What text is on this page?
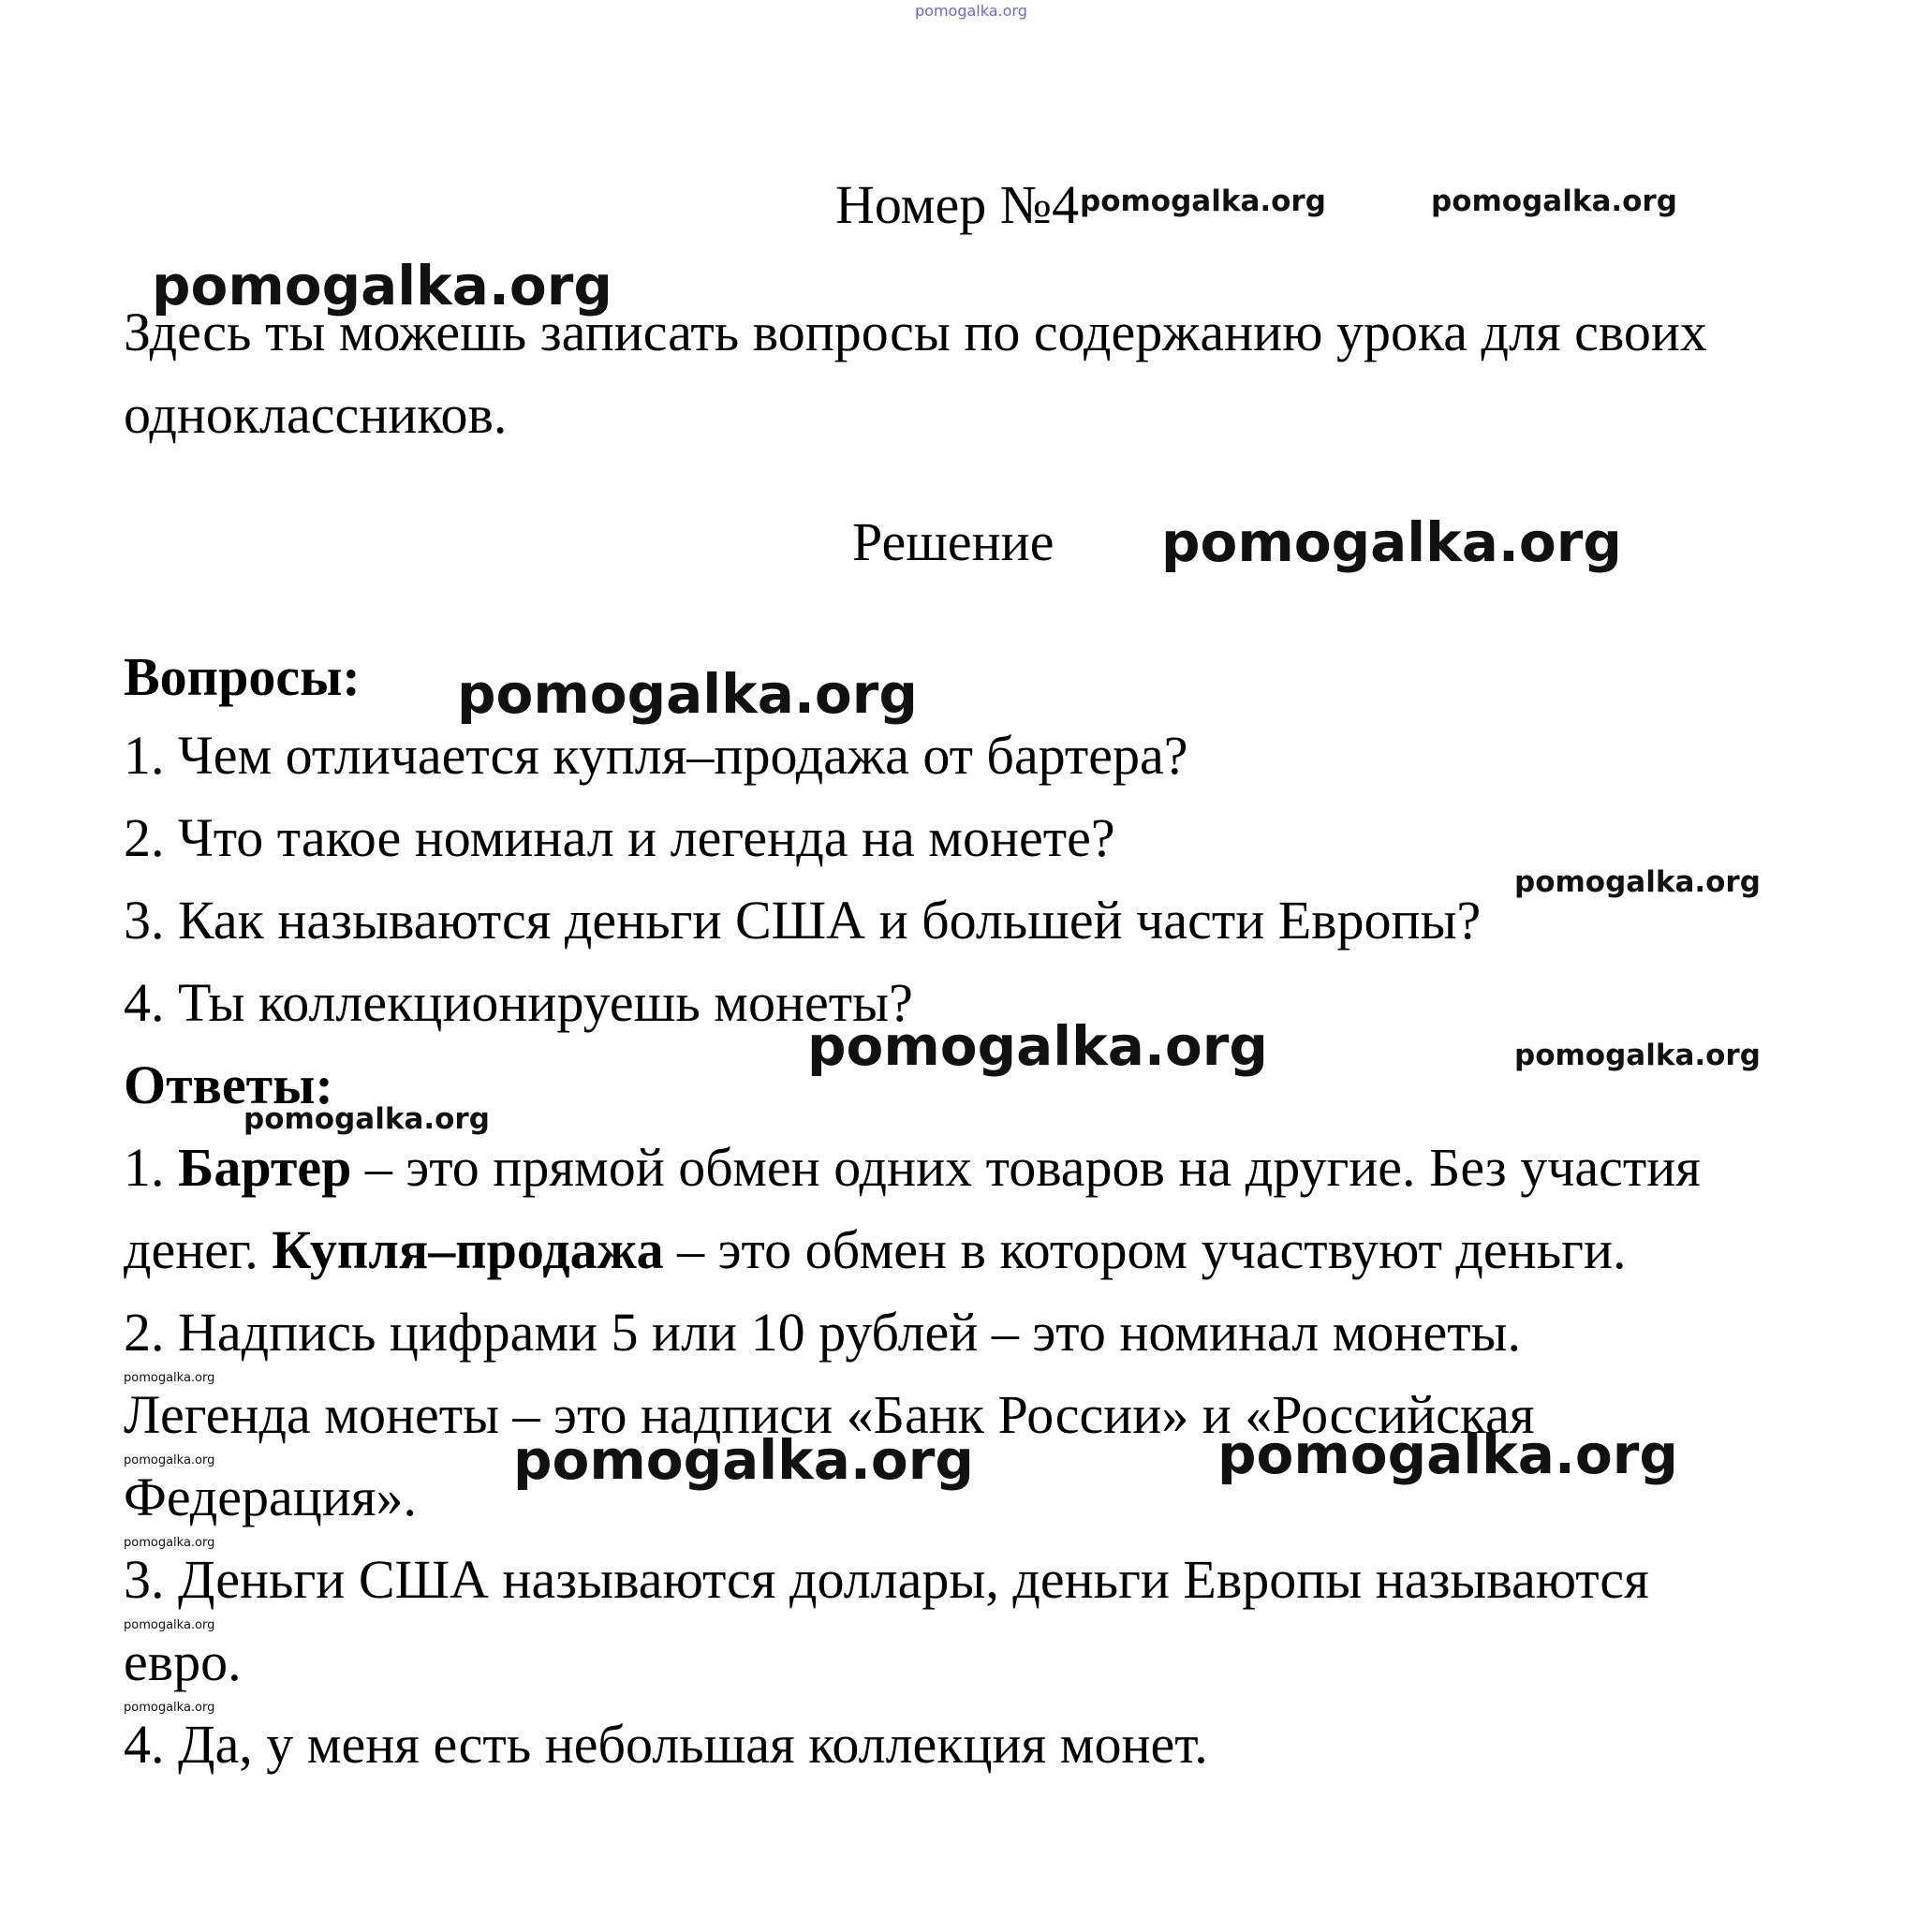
pomogalka.org
Номер №4 pomogalka.org	pomogalka.org
pomogalka.org
Здесь ты можешь записать вопросы по содержанию урока для своих
одноклассников.
Решение pomogalka.org
Вопросы: pomogalka.org
1. Чем отличается купля–продажа от бартера?
2. Что такое номинал и легенда на монете?
pomogalka.org
3. Как называются деньги США и большей части Европы?
4. Ты коллекционируешь монеты?
pomogalka.org	pomogalka.org
Ответы:
pomogalka.org
1. Бартер – это прямой обмен одних товаров на другие. Без участия
денег. Купля–продажа – это обмен в котором участвуют деньги.
2. Надпись цифрами 5 или 10 рублей – это номинал монеты.
pomogalka.org
Легенда монеты – это надписи «Банк России» и «Российская
pomogalka.org	pomogalka.org	pomogalka.org
Федерация».
pomogalka.org
3. Деньги США называются доллары, деньги Европы называются
pomogalka.org
евро.
pomogalka.org
4. Да, у меня есть небольшая коллекция монет.
